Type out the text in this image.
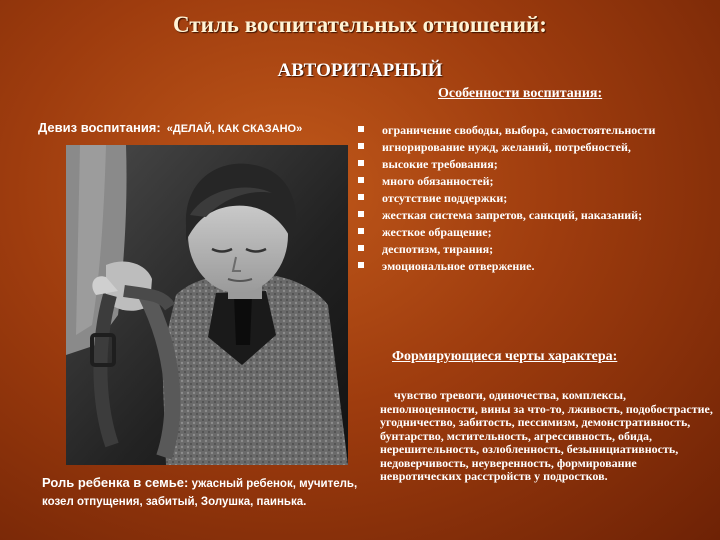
Стиль воспитательных отношений:
АВТОРИТАРНЫЙ
Особенности воспитания:
Девиз воспитания: «ДЕЛАЙ, КАК СКАЗАНО»	ограничение свободы, выбора, самостоятельности
игнорирование нужд, желаний, потребностей,
высокие требования;
много обязанностей;
отсутствие поддержки;
жесткая система запретов, санкций, наказаний;
жесткое обращение;
деспотизм, тирания;
эмоциональное отвержение.
Формирующиеся черты характера:
чувство тревоги, одиночества, комплексы,
неполноценности, вины за что-то, лживость, подобострастие, угодничество, забитость, пессимизм, демонстративность, бунтарство, мстительность, агрессивность, обида, нерешительность, озлобленность, безынициативность, недоверчивость, неуверенность, формирование невротических расстройств у подростков.
Роль ребенка в семье: ужасный ребенок, мучитель, козел отпущения, забитый, Золушка, паинька.
